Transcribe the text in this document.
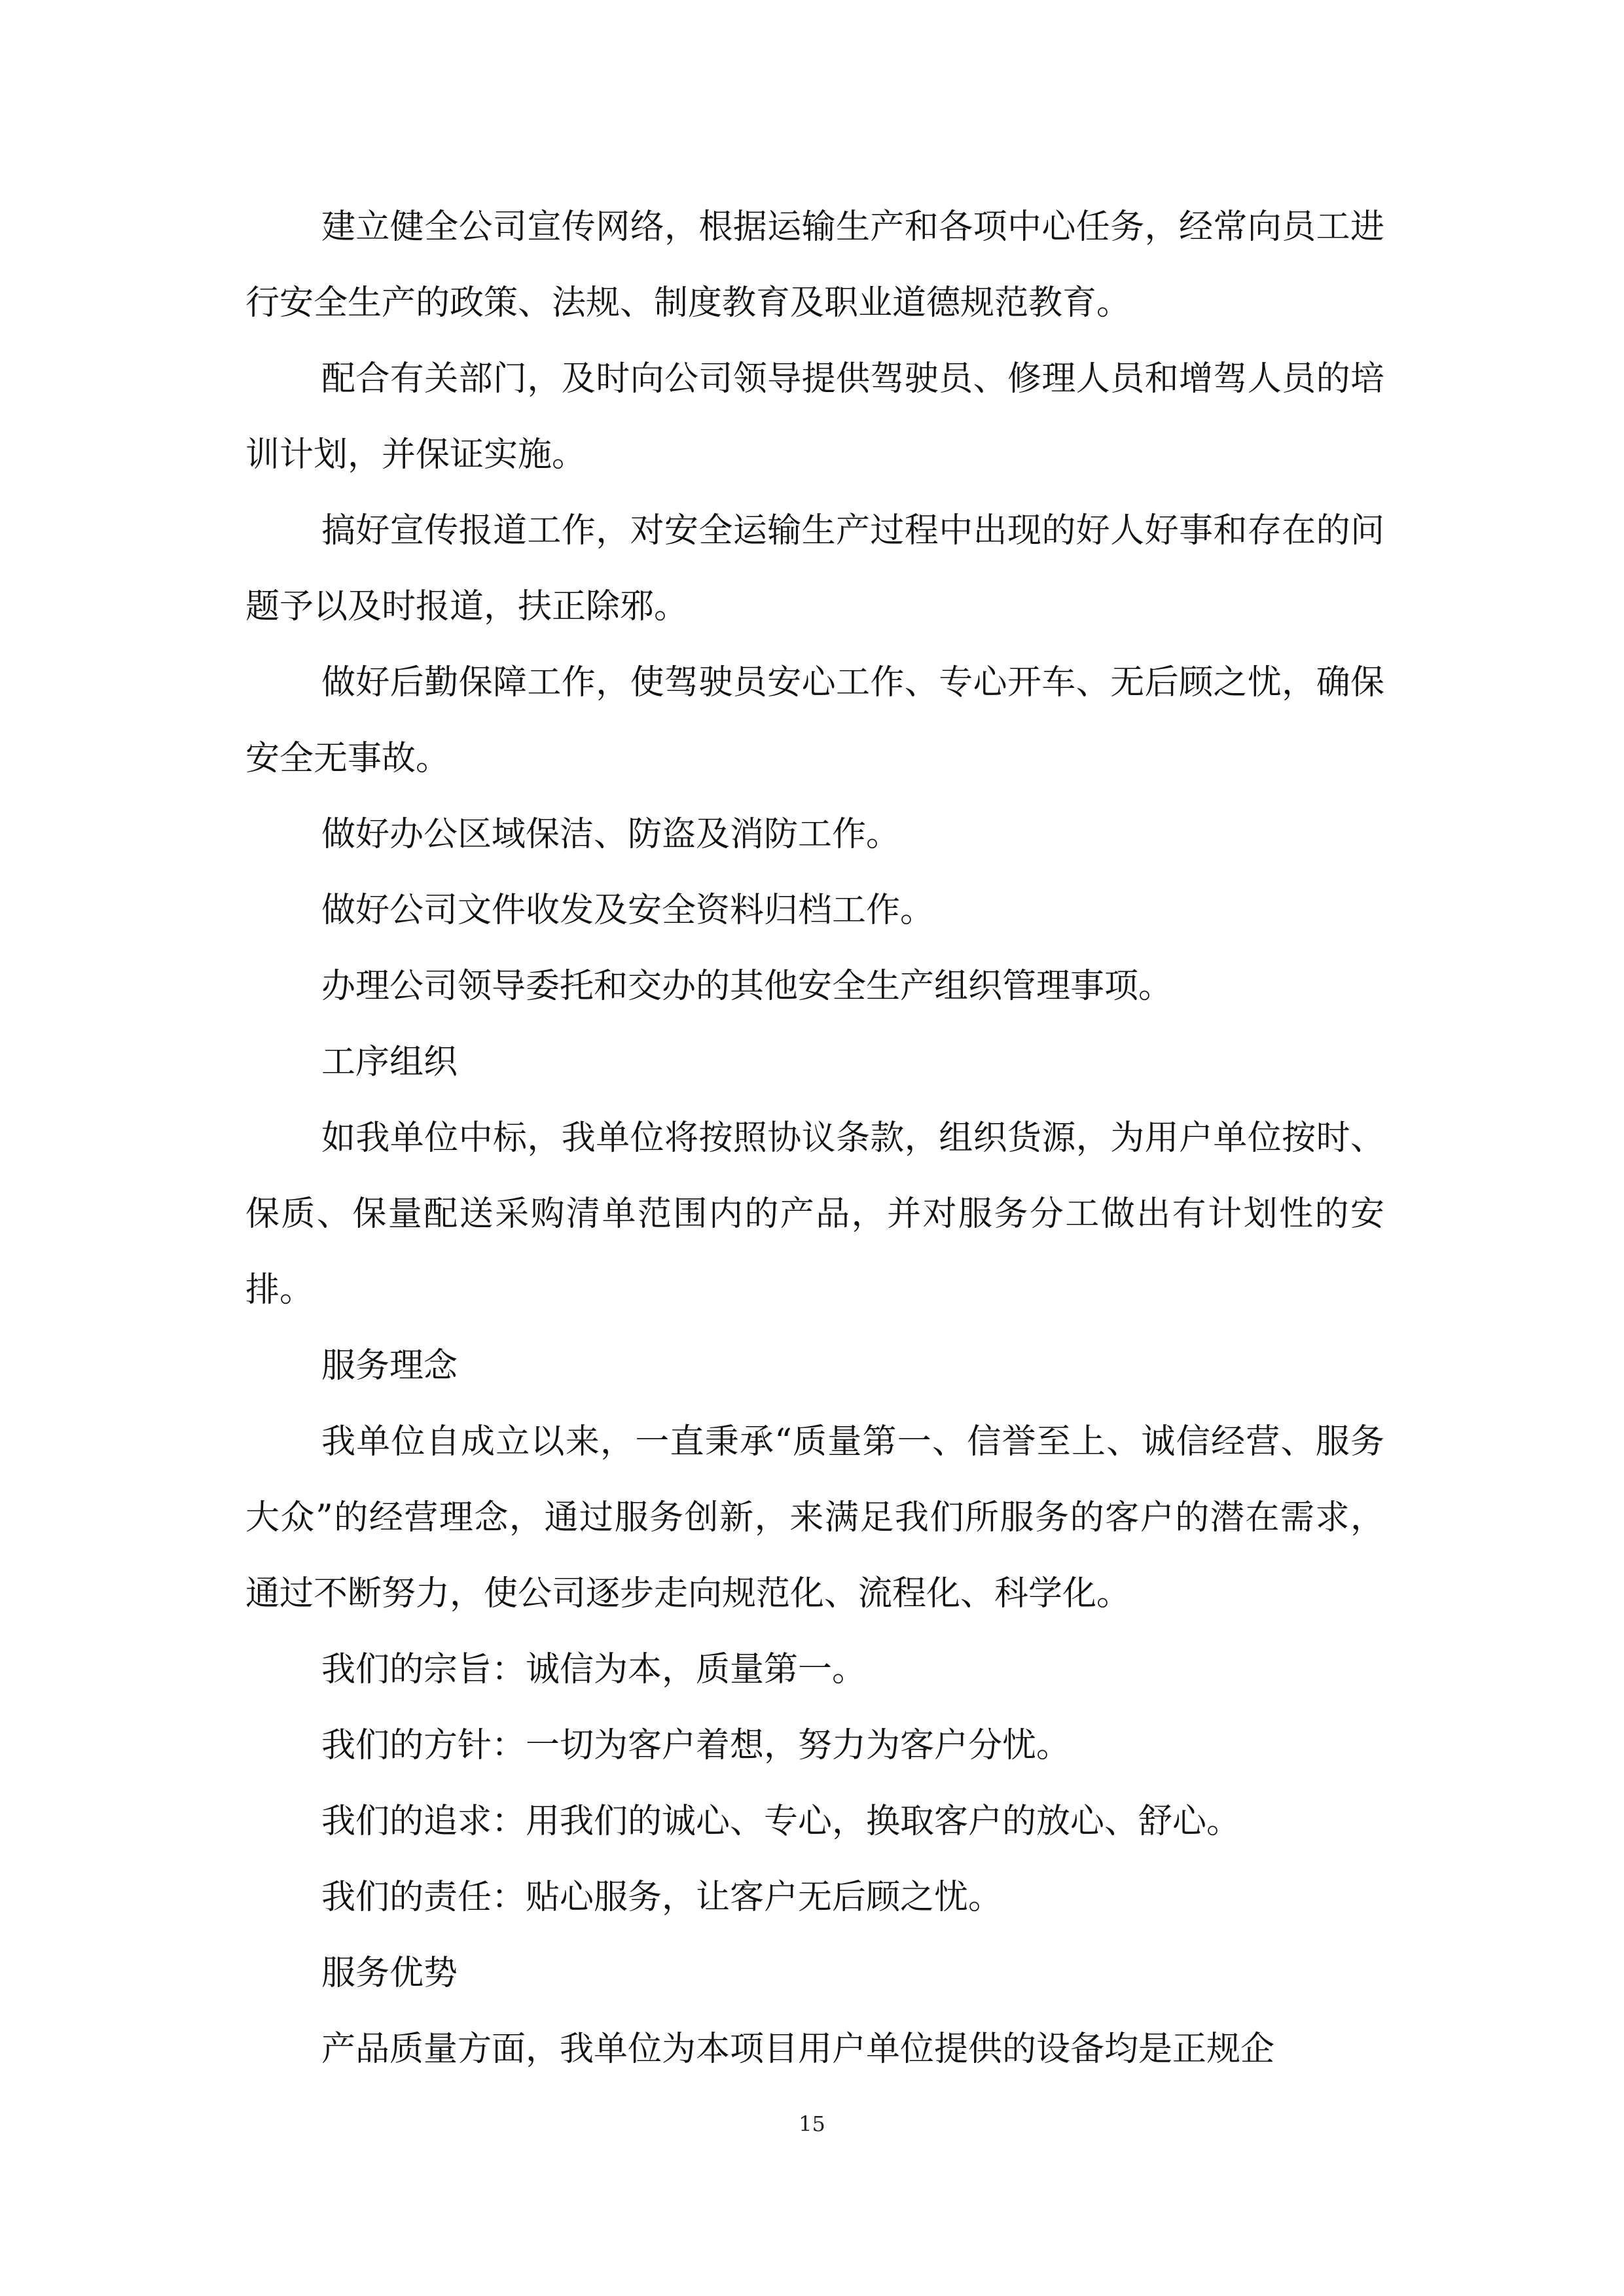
建立健全公司宣传网络，根据运输生产和各项中心任务，经常向员工进行安全生产的政策、法规、制度教育及职业道德规范教育。

配合有关部门，及时向公司领导提供驾驶员、修理人员和增驾人员的培训计划，并保证实施。

搞好宣传报道工作，对安全运输生产过程中出现的好人好事和存在的问题予以及时报道，扶正除邪。

做好后勤保障工作，使驾驶员安心工作、专心开车、无后顾之忧，确保安全无事故。

做好办公区域保洁、防盗及消防工作。

做好公司文件收发及安全资料归档工作。

办理公司领导委托和交办的其他安全生产组织管理事项。

工序组织

如我单位中标，我单位将按照协议条款，组织货源，为用户单位按时、保质、保量配送采购清单范围内的产品，并对服务分工做出有计划性的安排。

服务理念

我单位自成立以来，一直秉承“质量第一、信誉至上、诚信经营、服务大众”的经营理念，通过服务创新，来满足我们所服务的客户的潜在需求，通过不断努力，使公司逐步走向规范化、流程化、科学化。

我们的宗旨：诚信为本，质量第一。

我们的方针：一切为客户着想，努力为客户分忧。

我们的追求：用我们的诚心、专心，换取客户的放心、舒心。

我们的责任：贴心服务，让客户无后顾之忧。

服务优势

产品质量方面，我单位为本项目用户单位提供的设备均是正规企

15
